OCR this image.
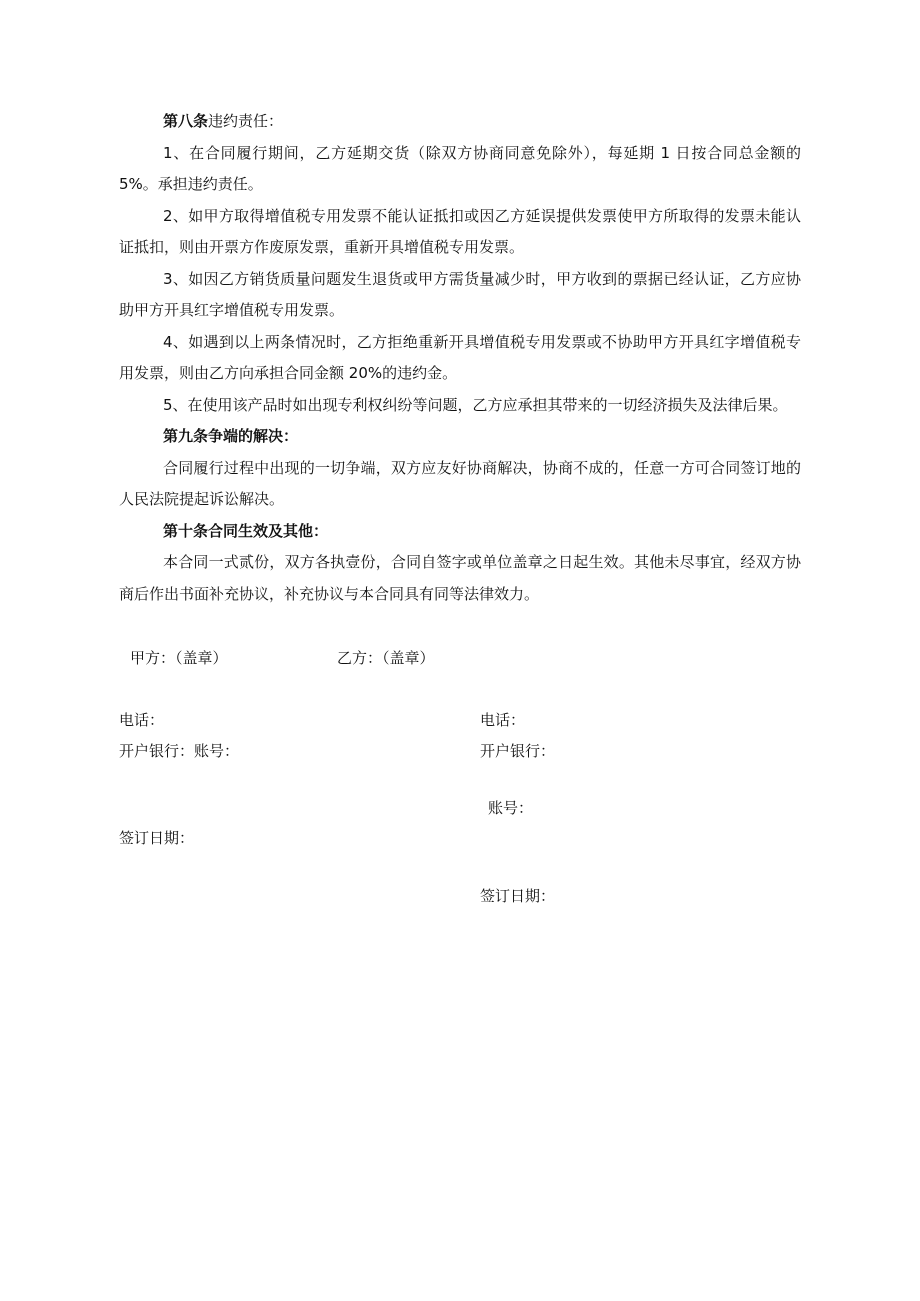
第八条违约责任：

1、在合同履行期间，乙方延期交货（除双方协商同意免除外），每延期 1 日按合同总金额的 5%。承担违约责任。

2、如甲方取得增值税专用发票不能认证抵扣或因乙方延误提供发票使甲方所取得的发票未能认证抵扣，则由开票方作废原发票，重新开具增值税专用发票。

3、如因乙方销货质量问题发生退货或甲方需货量减少时，甲方收到的票据已经认证，乙方应协助甲方开具红字增值税专用发票。

4、如遇到以上两条情况时，乙方拒绝重新开具增值税专用发票或不协助甲方开具红字增值税专用发票，则由乙方向承担合同金额 20%的违约金。

5、在使用该产品时如出现专利权纠纷等问题，乙方应承担其带来的一切经济损失及法律后果。

第九条争端的解决：

合同履行过程中出现的一切争端，双方应友好协商解决，协商不成的，任意一方可合同签订地的人民法院提起诉讼解决。

第十条合同生效及其他：

本合同一式贰份，双方各执壹份，合同自签字或单位盖章之日起生效。其他未尽事宜，经双方协商后作出书面补充协议，补充协议与本合同具有同等法律效力。

甲方：（盖章）	乙方：（盖章）
电话：
开户银行：账号：
签订日期：
电话：
开户银行：
账号：
签订日期：
